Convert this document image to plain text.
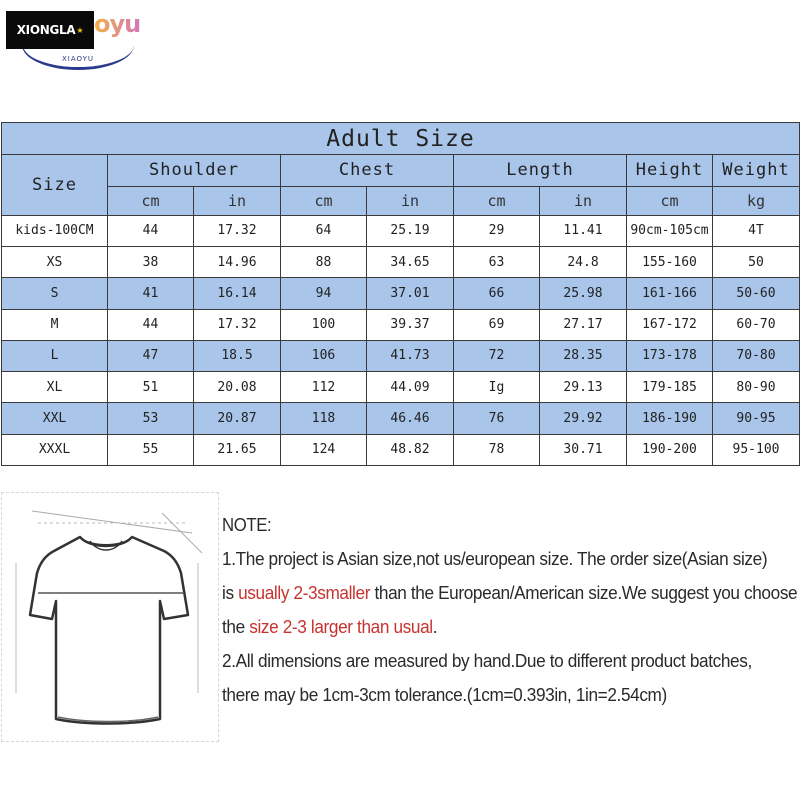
XIONGLA ★ oyu
XIAOYU
Adult Size								
Size	Shoulder		Chest		Length		Height	Weight
	cm	in	cm	in	cm	in	cm	kg
kids-100CM	44	17.32	64	25.19	29	11.41	90cm-105cm	4T
XS	38	14.96	88	34.65	63	24.8	155-160	50
S	41	16.14	94	37.01	66	25.98	161-166	50-60
M	44	17.32	100	39.37	69	27.17	167-172	60-70
L	47	18.5	106	41.73	72	28.35	173-178	70-80
XL	51	20.08	112	44.09	Ig	29.13	179-185	80-90
XXL	53	20.87	118	46.46	76	29.92	186-190	90-95
XXXL	55	21.65	124	48.82	78	30.71	190-200	95-100
NOTE:
1.The project is Asian size,not us/european size. The order size(Asian size)
is usually 2-3smaller than the European/American size.We suggest you choose
the size 2-3 larger than usual.
2.All dimensions are measured by hand.Due to different product batches,
there may be 1cm-3cm tolerance.(1cm=0.393in, 1in=2.54cm)
